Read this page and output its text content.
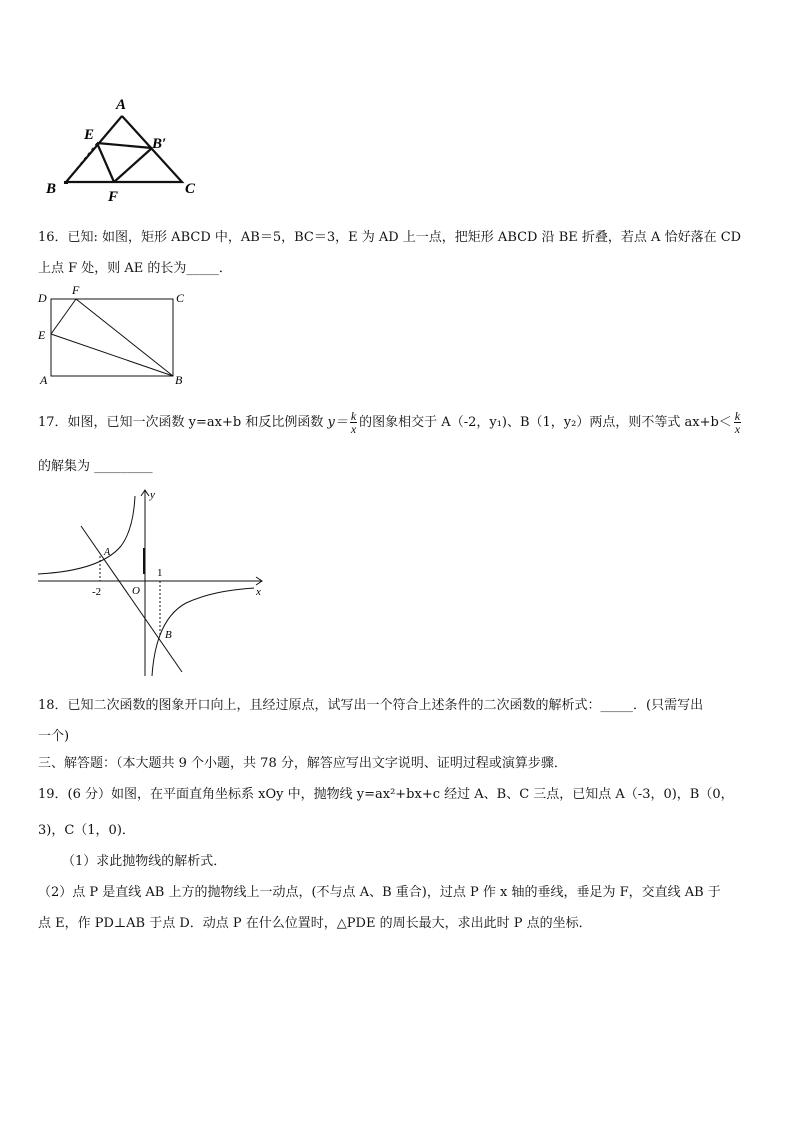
A
E
B′
B	F	C
16．已知: 如图，矩形 ABCD 中，AB＝5，BC＝3，E 为 AD 上一点，把矩形 ABCD 沿 BE 折叠，若点 A 恰好落在 CD
上点 F 处，则 AE 的长为_____．
D
F
C
E
A	B
17．如图，已知一次函数 y=ax+b 和反比例函数 $y= \frac{k}{x}$ 的图象相交于 A（-2，y₁)、B（1，y₂）两点，则不等式 $ax+b< \frac{k}{x}$
的解集为 _________
y
x
O
A
B
-2
1
18．已知二次函数的图象开口向上，且经过原点，试写出一个符合上述条件的二次函数的解析式：_____．(只需写出
一个)
三、解答题：（本大题共 9 个小题，共 78 分，解答应写出文字说明、证明过程或演算步骤．
19．(6 分）如图，在平面直角坐标系 xOy 中，抛物线 y=ax²+bx+c 经过 A、B、C 三点，已知点 A（-3，0)，B（0，
3)，C（1，0)．
（1）求此抛物线的解析式．
（2）点 P 是直线 AB 上方的抛物线上一动点，(不与点 A、B 重合)，过点 P 作 x 轴的垂线，垂足为 F，交直线 AB 于
点 E，作 PD⊥AB 于点 D．动点 P 在什么位置时，△PDE 的周长最大，求出此时 P 点的坐标．
